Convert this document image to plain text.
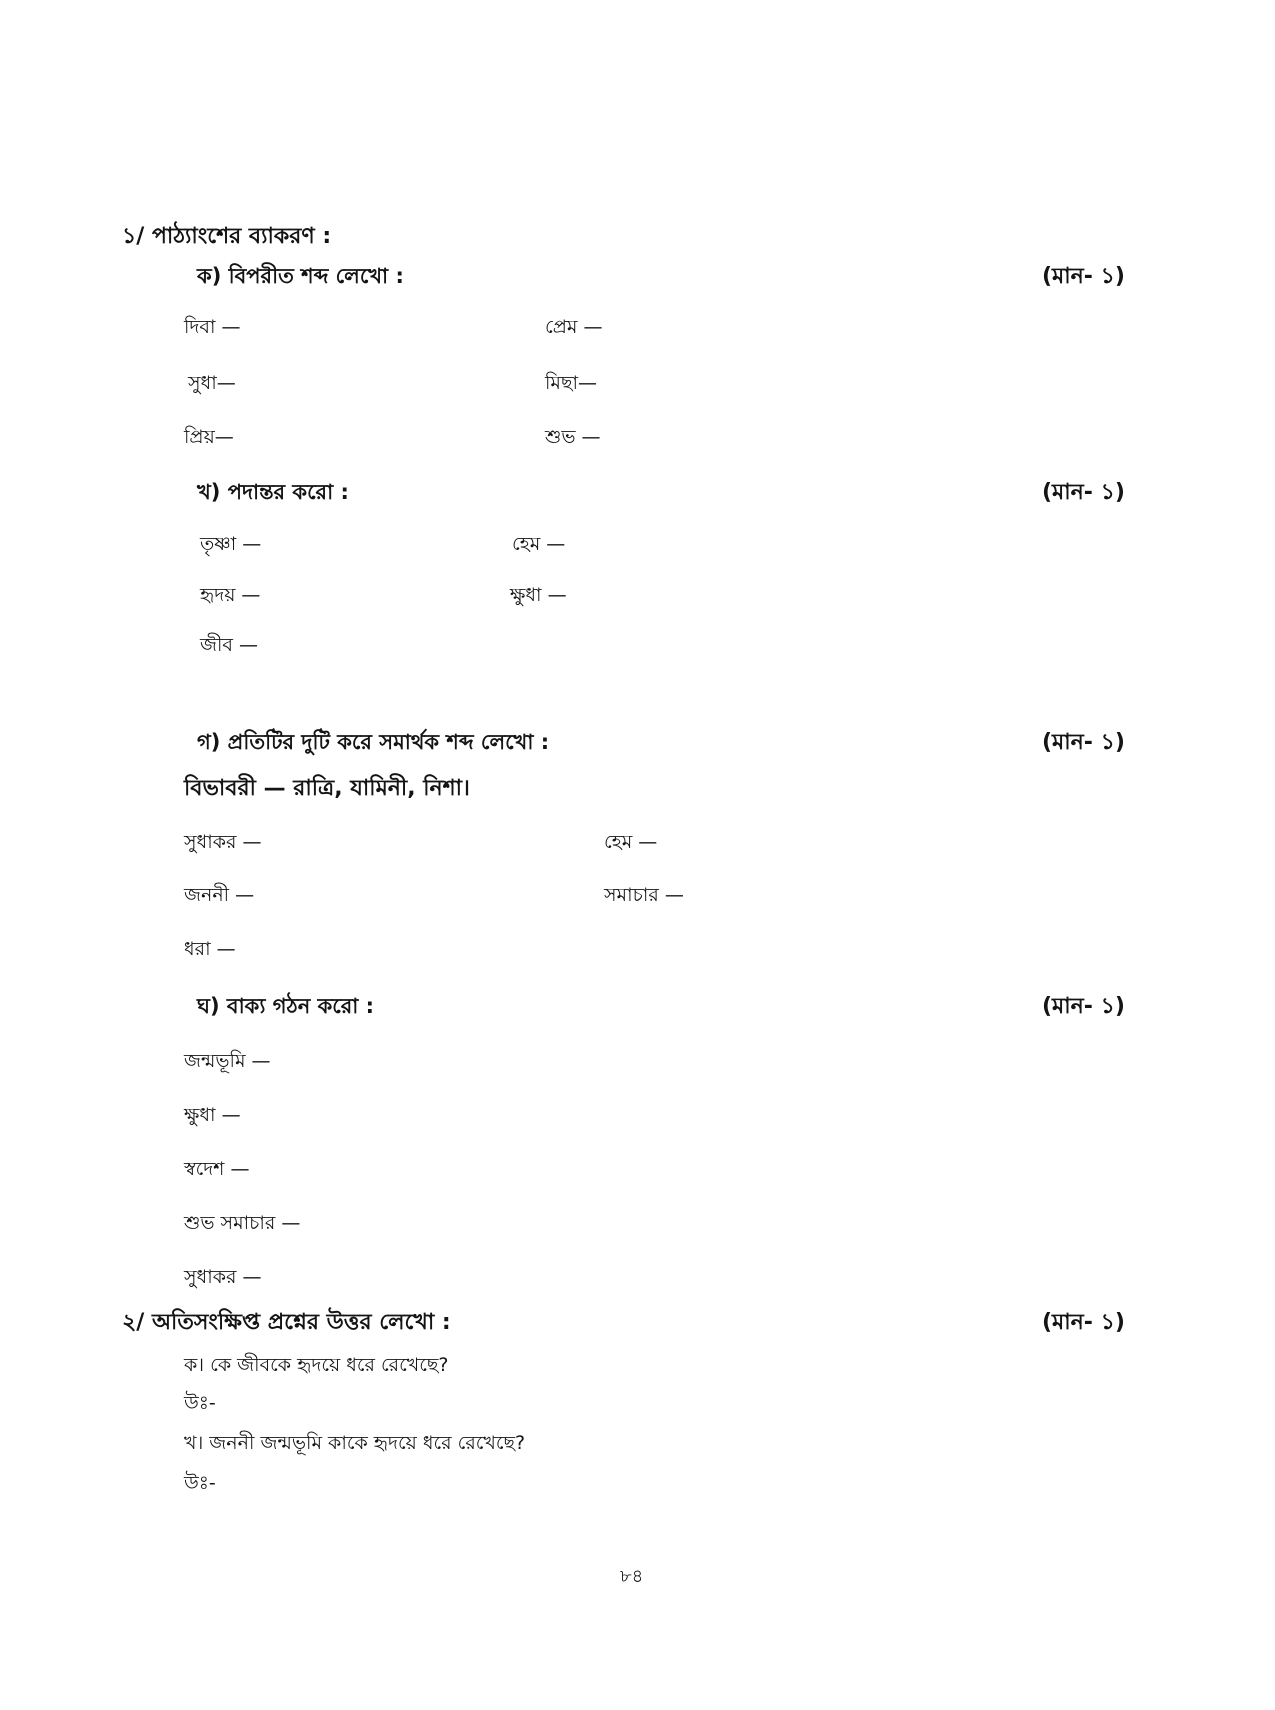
১/ পাঠ্যাংশের ব্যাকরণ :
ক) বিপরীত শব্দ লেখো :	(মান- ১)
দিবা —	প্রেম —
সুধা—	মিছা—
প্রিয়—	শুভ —
খ) পদান্তর করো :	(মান- ১)
তৃষ্ণা —	হেম —
হৃদয় —	ক্ষুধা —
জীব —
গ) প্রতিটির দুটি করে সমার্থক শব্দ লেখো :	(মান- ১)
বিভাবরী — রাত্রি, যামিনী, নিশা।
সুধাকর —	হেম —
জননী —	সমাচার —
ধরা —
ঘ) বাক্য গঠন করো :	(মান- ১)
জন্মভূমি —
ক্ষুধা —
স্বদেশ —
শুভ সমাচার —
সুধাকর —
২/ অতিসংক্ষিপ্ত প্রশ্নের উত্তর লেখো :	(মান- ১)
ক। কে জীবকে হৃদয়ে ধরে রেখেছে?
উঃ-
খ। জননী জন্মভূমি কাকে হৃদয়ে ধরে রেখেছে?
উঃ-
৮৪
